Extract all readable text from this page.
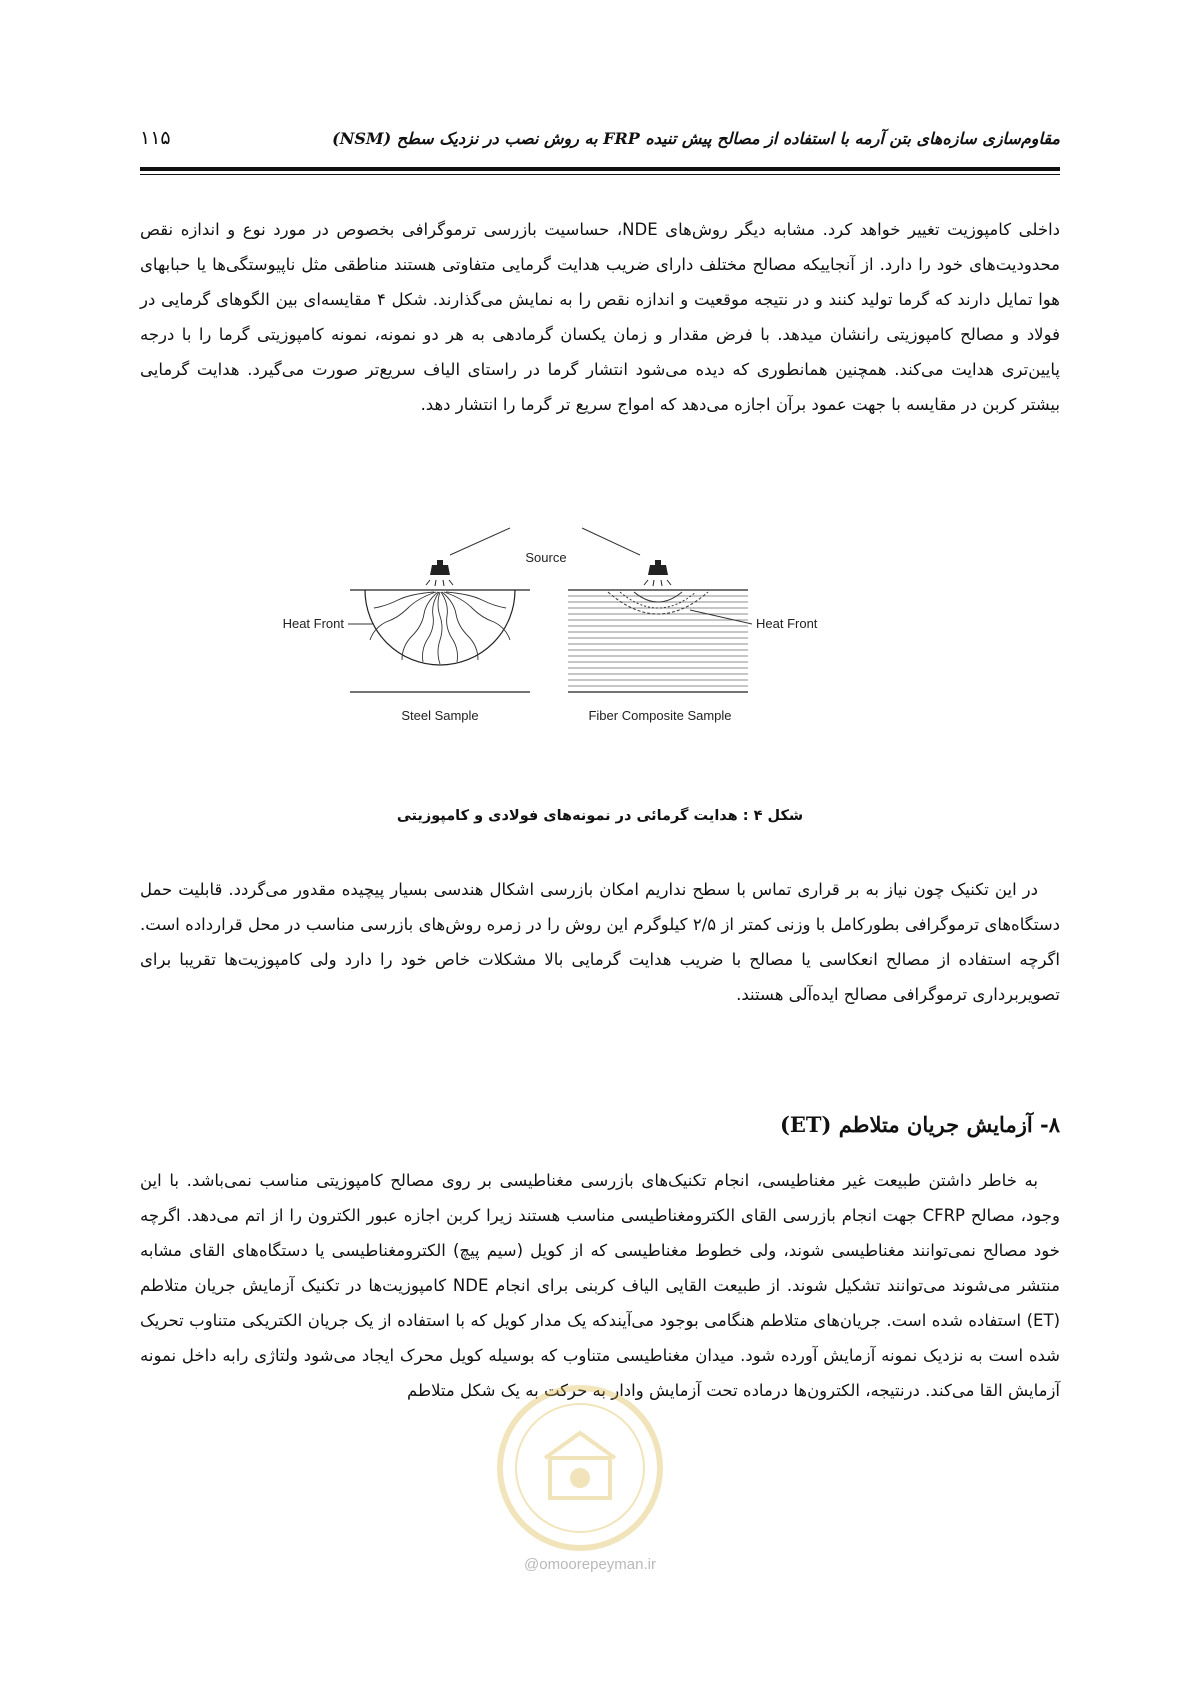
۱۱۵	مقاوم‌سازی سازه‌های بتن آرمه با استفاده از مصالح پیش تنیده FRP به روش نصب در نزدیک سطح (NSM)

داخلی کامپوزیت تغییر خواهد کرد. مشابه دیگر روش‌های NDE، حساسیت بازرسی ترموگرافی بخصوص در مورد نوع و اندازه نقص محدودیت‌های خود را دارد. از آنجاییکه مصالح مختلف دارای ضریب هدایت گرمایی متفاوتی هستند مناطقی مثل ناپیوستگی‌ها یا حبابهای هوا تمایل دارند که گرما تولید کنند و در نتیجه موقعیت و اندازه نقص را به نمایش می‌گذارند. شکل ۴ مقایسه‌ای بین الگوهای گرمایی در فولاد و مصالح کامپوزیتی رانشان میدهد. با فرض مقدار و زمان یکسان گرمادهی به هر دو نمونه، نمونه کامپوزیتی گرما را با درجه پایین‌تری هدایت می‌کند. همچنین همانطوری که دیده می‌شود انتشار گرما در راستای الیاف سریع‌تر صورت می‌گیرد. هدایت گرمایی بیشتر کربن در مقایسه با جهت عمود برآن اجازه می‌دهد که امواج سریع تر گرما را انتشار دهد.

Source
Heat Front
Steel Sample
Heat Front
Fiber Composite Sample
شکل ۴ : هدایت گرمائی در نمونه‌های فولادی و کامپوزیتی

در این تکنیک چون نیاز به بر قراری تماس با سطح نداریم امکان بازرسی اشکال هندسی بسیار پیچیده مقدور می‌گردد. قابلیت حمل دستگاه‌های ترموگرافی بطورکامل با وزنی کمتر از ۲/۵ کیلوگرم این روش را در زمره روش‌های بازرسی مناسب در محل قرارداده است. اگرچه استفاده از مصالح انعکاسی یا مصالح با ضریب هدایت گرمایی بالا مشکلات خاص خود را دارد ولی کامپوزیت‌ها تقریبا برای تصویربرداری ترموگرافی مصالح ایده‌آلی هستند.

۸- آزمایش جریان متلاطم (ET)

به خاطر داشتن طبیعت غیر مغناطیسی، انجام تکنیک‌های بازرسی مغناطیسی بر روی مصالح کامپوزیتی مناسب نمی‌باشد. با این وجود، مصالح CFRP جهت انجام بازرسی القای الکترومغناطیسی مناسب هستند زیرا کربن اجازه عبور الکترون را از اتم می‌دهد. اگرچه خود مصالح نمی‌توانند مغناطیسی شوند، ولی خطوط مغناطیسی که از کویل (سیم پیچ) الکترومغناطیسی یا دستگاه‌های القای مشابه منتشر می‌شوند می‌توانند تشکیل شوند. از طبیعت القایی الیاف کربنی برای انجام NDE کامپوزیت‌ها در تکنیک آزمایش جریان متلاطم (ET) استفاده شده است. جریان‌های متلاطم هنگامی بوجود می‌آیندکه یک مدار کویل که با استفاده از یک جریان الکتریکی متناوب تحریک شده است به نزدیک نمونه آزمایش آورده شود. میدان مغناطیسی متناوب که بوسیله کویل محرک ایجاد می‌شود ولتاژی رابه داخل نمونه آزمایش القا می‌کند. درنتیجه، الکترون‌ها درماده تحت آزمایش وادار به حرکت به یک شکل متلاطم

@omoorepeyman.ir
